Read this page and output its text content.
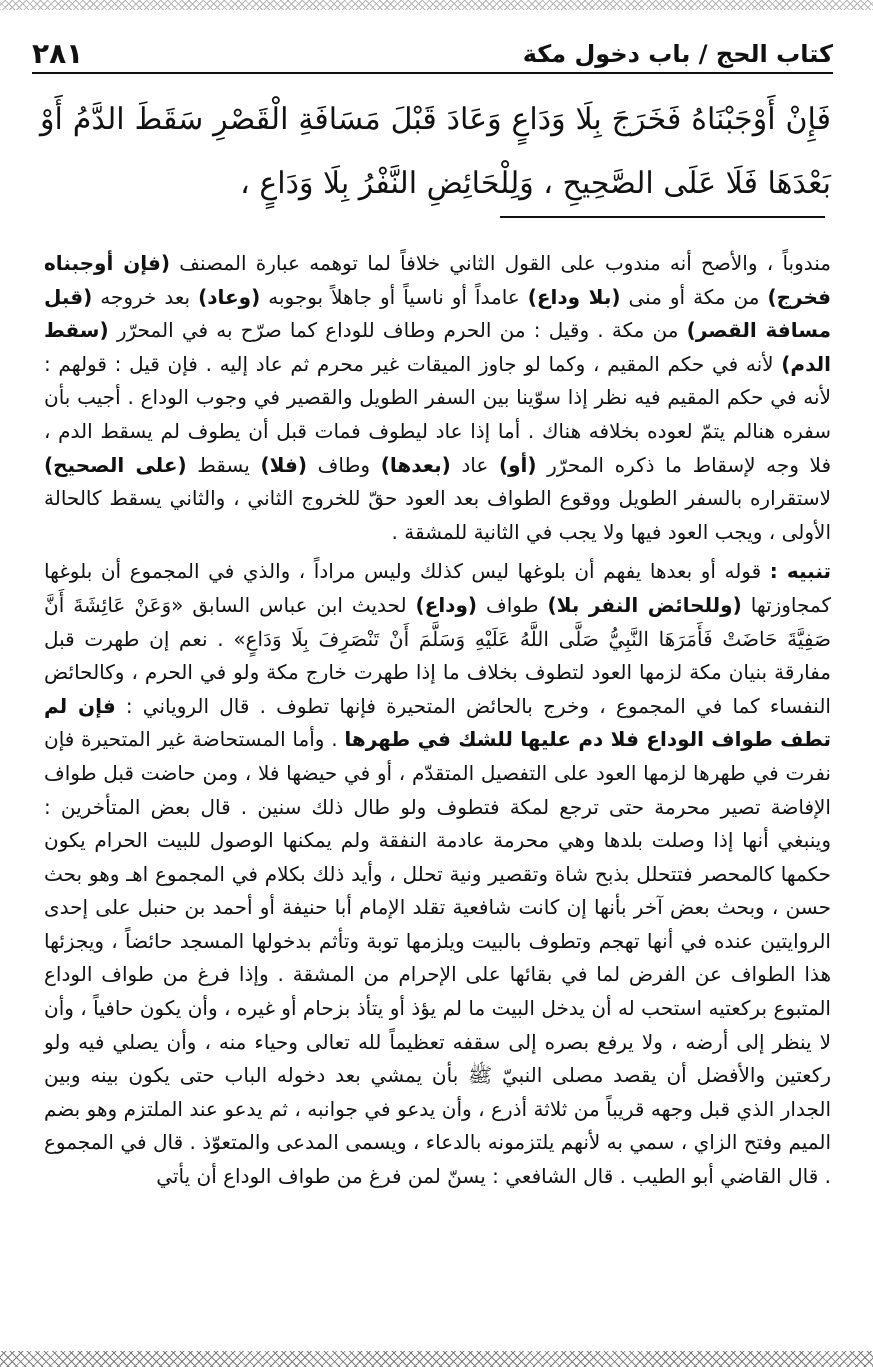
كتاب الحج / باب دخول مكة
٢٨١
فَإِنْ أَوْجَبْنَاهُ فَخَرَجَ بِلَا وَدَاعٍ وَعَادَ قَبْلَ مَسَافَةِ الْقَصْرِ سَقَطَ الدَّمُ أَوْ بَعْدَهَا فَلَا عَلَى الصَّحِيحِ ، وَلِلْحَائِضِ النَّفْرُ بِلَا وَدَاعٍ ،

مندوباً ، والأصح أنه مندوب على القول الثاني خلافاً لما توهمه عبارة المصنف (فإن أوجبناه فخرج) من مكة أو منى (بلا وداع) عامداً أو ناسياً أو جاهلاً بوجوبه (وعاد) بعد خروجه (قبل مسافة القصر) من مكة . وقيل : من الحرم وطاف للوداع كما صرّح به في المحرّر (سقط الدم) لأنه في حكم المقيم ، وكما لو جاوز الميقات غير محرم ثم عاد إليه . فإن قيل : قولهم : لأنه في حكم المقيم فيه نظر إذا سوّينا بين السفر الطويل والقصير في وجوب الوداع . أجيب بأن سفره هنالم يتمّ لعوده بخلافه هناك . أما إذا عاد ليطوف فمات قبل أن يطوف لم يسقط الدم ، فلا وجه لإسقاط ما ذكره المحرّر (أو) عاد (بعدها) وطاف (فلا) يسقط (على الصحيح) لاستقراره بالسفر الطويل ووقوع الطواف بعد العود حقّ للخروج الثاني ، والثاني يسقط كالحالة الأولى ، ويجب العود فيها ولا يجب في الثانية للمشقة .

تنبيه : قوله أو بعدها يفهم أن بلوغها ليس كذلك وليس مراداً ، والذي في المجموع أن بلوغها كمجاوزتها (وللحائض النفر بلا) طواف (وداع) لحديث ابن عباس السابق «وَعَنْ عَائِشَةَ أَنَّ صَفِيَّةَ حَاضَتْ فَأَمَرَهَا النَّبِيُّ صَلَّى اللَّهُ عَلَيْهِ وَسَلَّمَ أَنْ تَنْصَرِفَ بِلَا وَدَاعٍ» . نعم إن طهرت قبل مفارقة بنيان مكة لزمها العود لتطوف بخلاف ما إذا طهرت خارج مكة ولو في الحرم ، وكالحائض النفساء كما في المجموع ، وخرج بالحائض المتحيرة فإنها تطوف . قال الروياني : فإن لم تطف طواف الوداع فلا دم عليها للشك في طهرها . وأما المستحاضة غير المتحيرة فإن نفرت في طهرها لزمها العود على التفصيل المتقدّم ، أو في حيضها فلا ، ومن حاضت قبل طواف الإفاضة تصير محرمة حتى ترجع لمكة فتطوف ولو طال ذلك سنين . قال بعض المتأخرين : وينبغي أنها إذا وصلت بلدها وهي محرمة عادمة النفقة ولم يمكنها الوصول للبيت الحرام يكون حكمها كالمحصر فتتحلل بذبح شاة وتقصير ونية تحلل ، وأيد ذلك بكلام في المجموع اهـ وهو بحث حسن ، وبحث بعض آخر بأنها إن كانت شافعية تقلد الإمام أبا حنيفة أو أحمد بن حنبل على إحدى الروايتين عنده في أنها تهجم وتطوف بالبيت ويلزمها توبة وتأثم بدخولها المسجد حائضاً ، ويجزئها هذا الطواف عن الفرض لما في بقائها على الإحرام من المشقة . وإذا فرغ من طواف الوداع المتبوع بركعتيه استحب له أن يدخل البيت ما لم يؤذ أو يتأذ بزحام أو غيره ، وأن يكون حافياً ، وأن لا ينظر إلى أرضه ، ولا يرفع بصره إلى سقفه تعظيماً لله تعالى وحياء منه ، وأن يصلي فيه ولو ركعتين والأفضل أن يقصد مصلى النبيّ ﷺ بأن يمشي بعد دخوله الباب حتى يكون بينه وبين الجدار الذي قبل وجهه قريباً من ثلاثة أذرع ، وأن يدعو في جوانبه ، ثم يدعو عند الملتزم وهو بضم الميم وفتح الزاي ، سمي به لأنهم يلتزمونه بالدعاء ، ويسمى المدعى والمتعوّذ . قال في المجموع . قال القاضي أبو الطيب . قال الشافعي : يسنّ لمن فرغ من طواف الوداع أن يأتي
